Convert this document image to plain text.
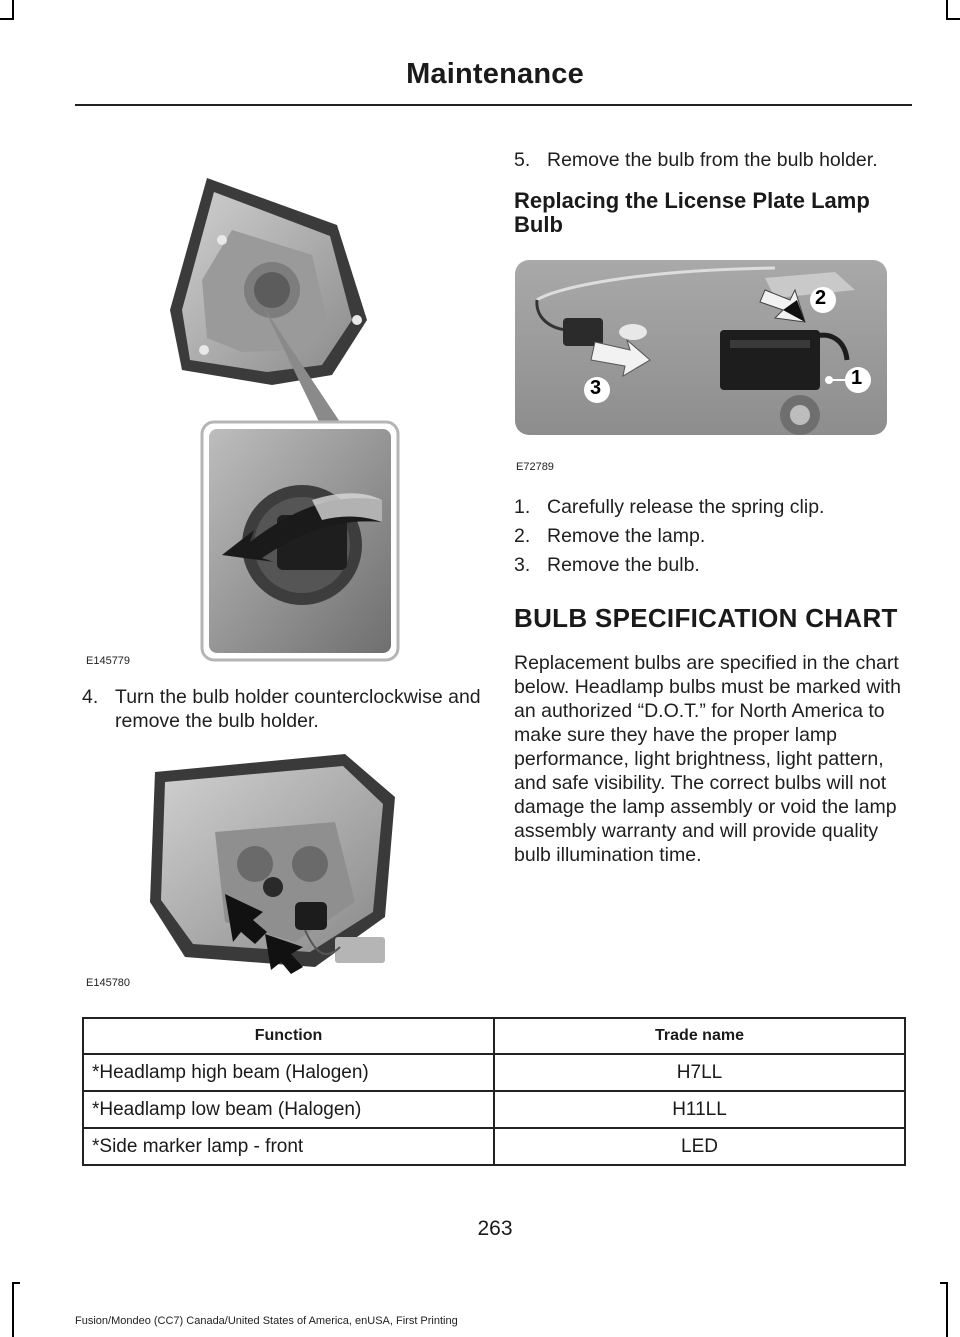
Maintenance
E145779
4. Turn the bulb holder counterclockwise and remove the bulb holder.
E145780
5. Remove the bulb from the bulb holder.
Replacing the License Plate Lamp Bulb
2
1
3
E72789
1. Carefully release the spring clip.
2. Remove the lamp.
3. Remove the bulb.
BULB SPECIFICATION CHART
Replacement bulbs are specified in the chart below. Headlamp bulbs must be marked with an authorized “D.O.T.” for North America to make sure they have the proper lamp performance, light brightness, light pattern, and safe visibility. The correct bulbs will not damage the lamp assembly or void the lamp assembly warranty and will provide quality bulb illumination time.
Function	Trade name
*Headlamp high beam (Halogen)	H7LL
*Headlamp low beam (Halogen)	H11LL
*Side marker lamp - front	LED
263
Fusion/Mondeo (CC7) Canada/United States of America, enUSA, First Printing
